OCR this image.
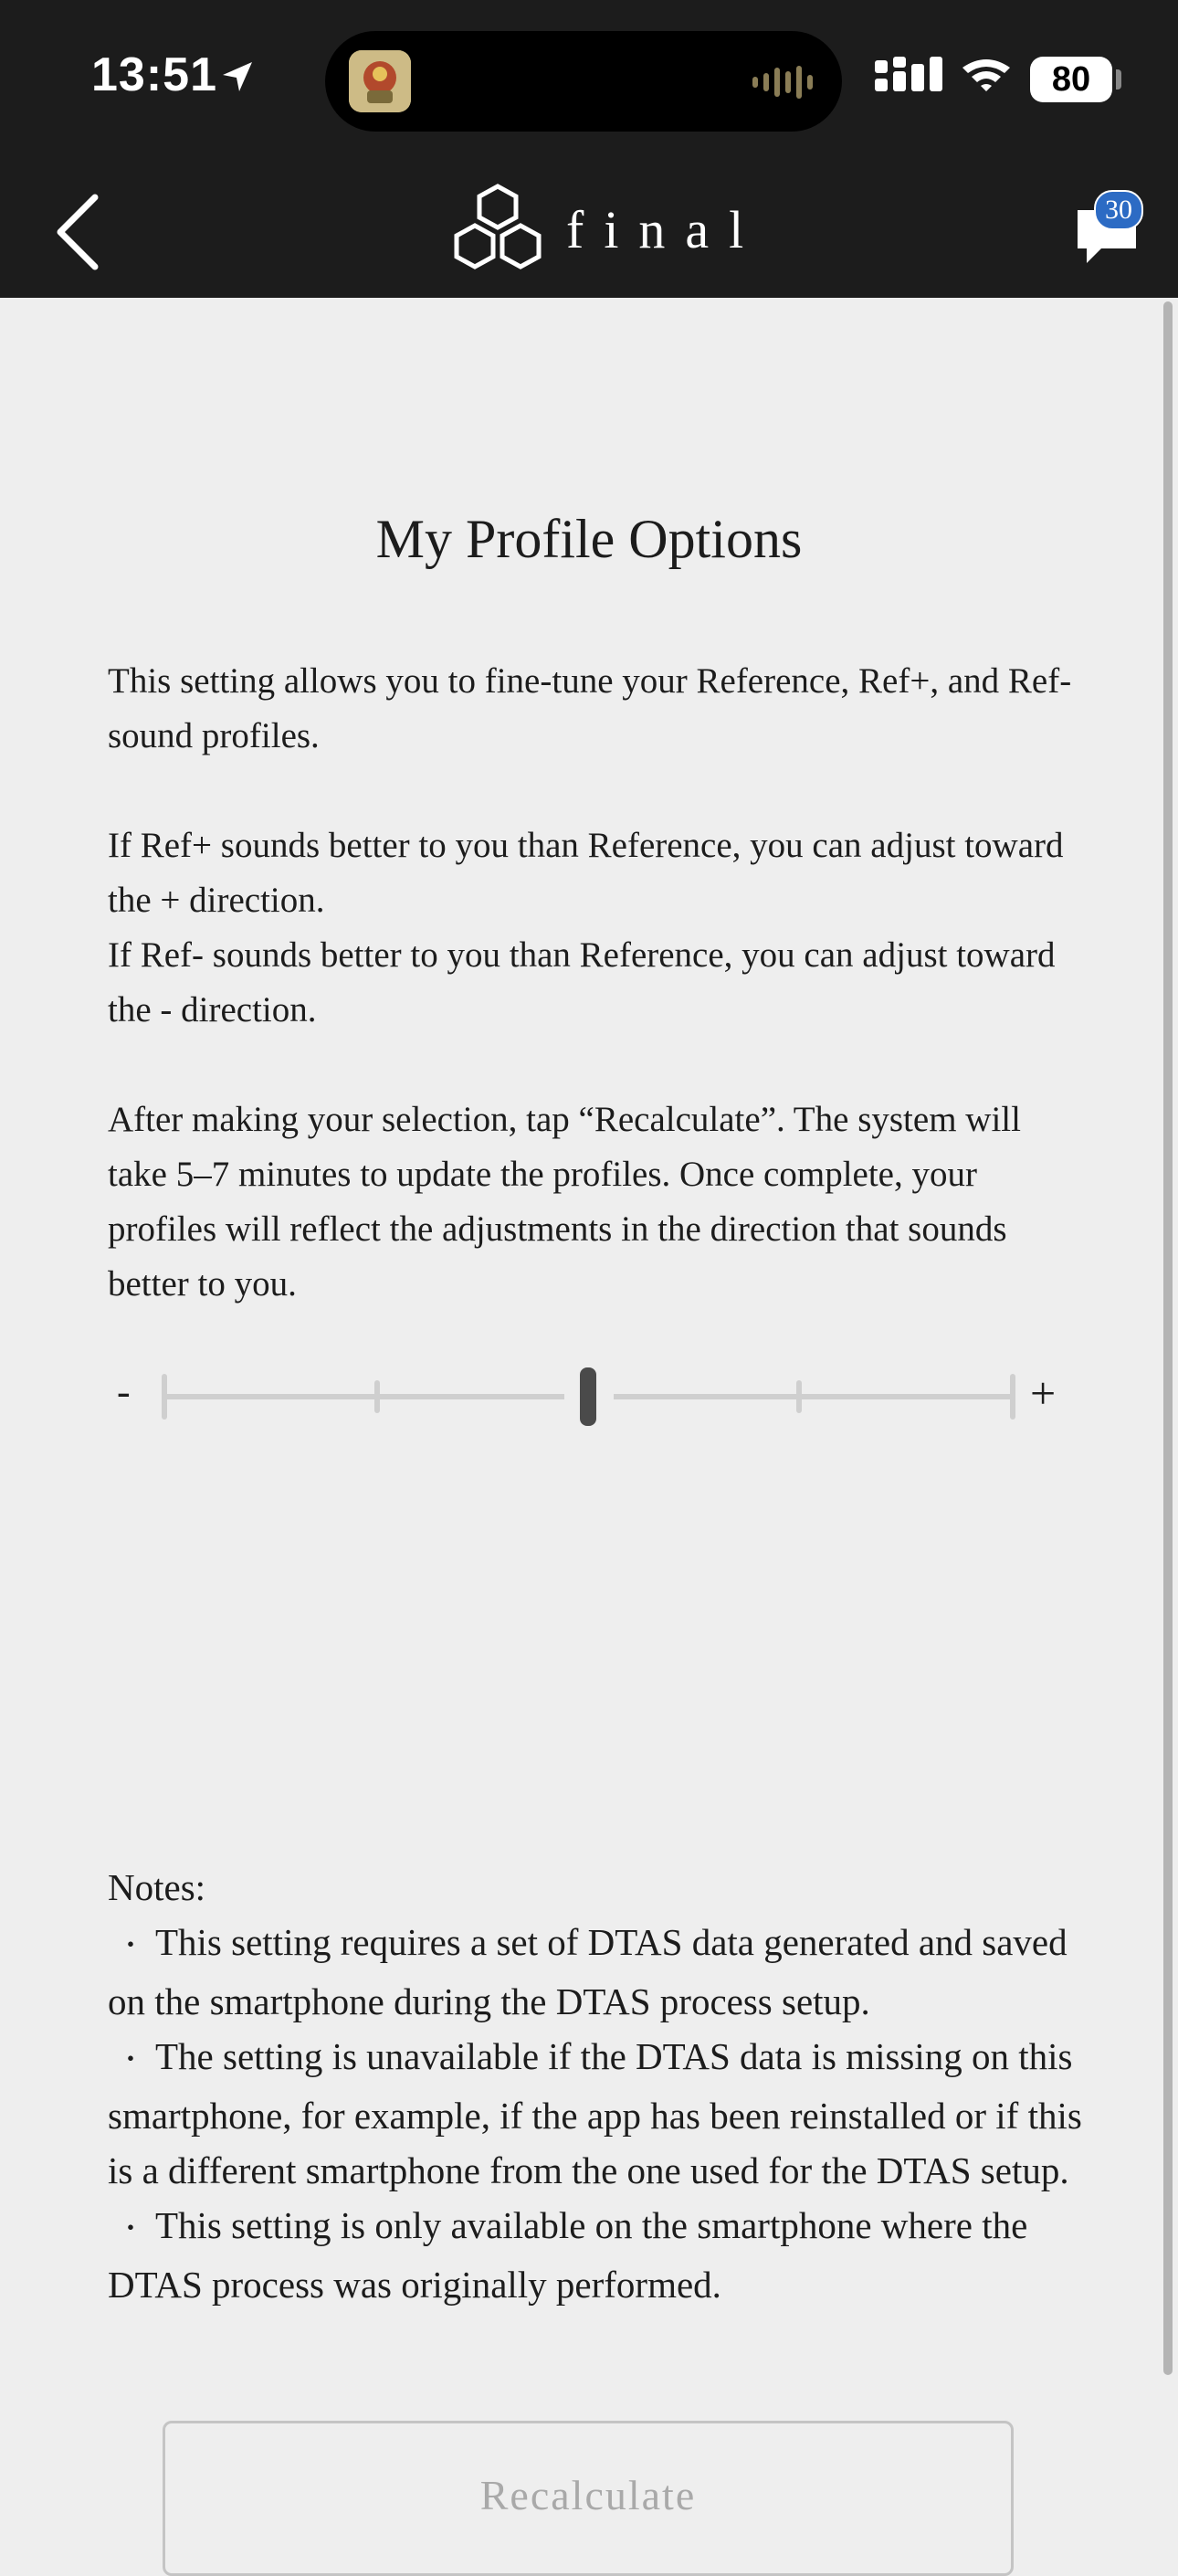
13:51	80
final	30
My Profile Options
This setting allows you to fine-tune your Reference, Ref+, and Ref- sound profiles.
If Ref+ sounds better to you than Reference, you can adjust toward the + direction.
If Ref- sounds better to you than Reference, you can adjust toward the - direction.
After making your selection, tap “Recalculate”. The system will take 5–7 minutes to update the profiles. Once complete, your profiles will reflect the adjustments in the direction that sounds better to you.
-	+
Notes:
・ This setting requires a set of DTAS data generated and saved on the smartphone during the DTAS process setup.
・ The setting is unavailable if the DTAS data is missing on this smartphone, for example, if the app has been reinstalled or if this is a different smartphone from the one used for the DTAS setup.
・ This setting is only available on the smartphone where the DTAS process was originally performed.
Recalculate
